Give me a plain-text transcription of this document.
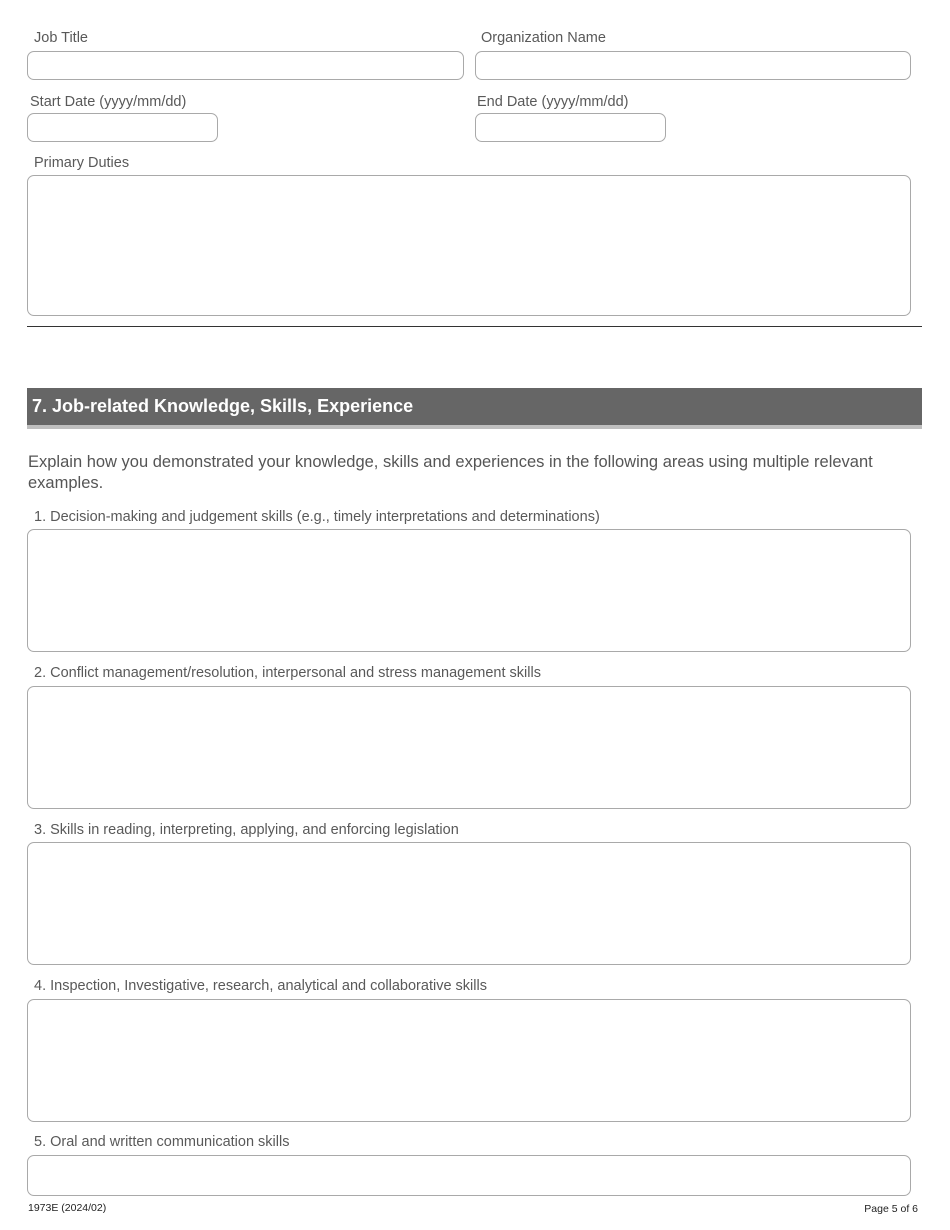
Job Title	Organization Name
Start Date (yyyy/mm/dd)	End Date (yyyy/mm/dd)
Primary Duties
7. Job-related Knowledge, Skills, Experience
Explain how you demonstrated your knowledge, skills and experiences in the following areas using multiple relevant examples.
1. Decision-making and judgement skills (e.g., timely interpretations and determinations)
2. Conflict management/resolution, interpersonal and stress management skills
3. Skills in reading, interpreting, applying, and enforcing legislation
4. Inspection, Investigative, research, analytical and collaborative skills
5. Oral and written communication skills
1973E (2024/02)	Page 5 of 6
